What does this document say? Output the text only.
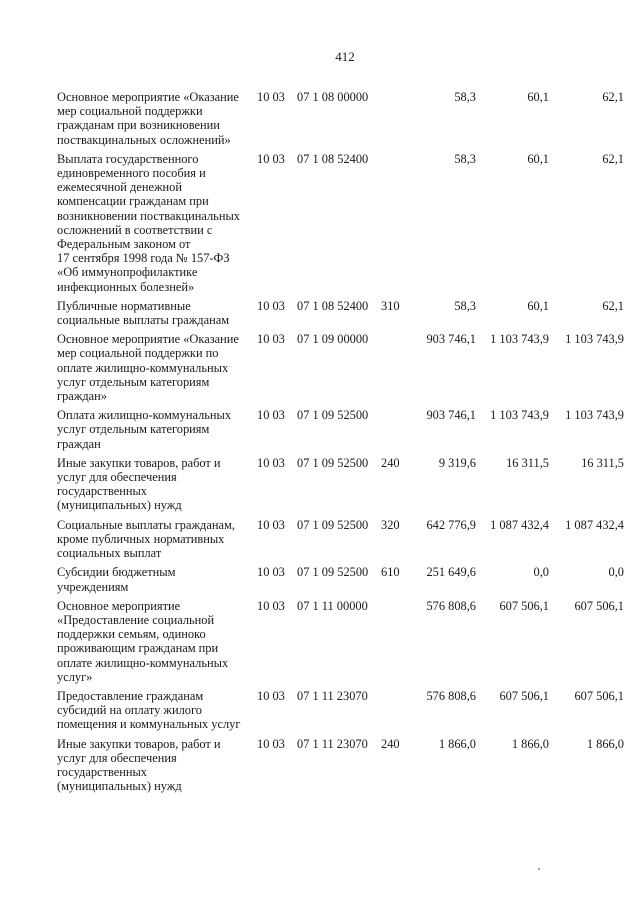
412
Основное мероприятие «Оказание
мер социальной поддержки
гражданам при возникновении
поствакцинальных осложнений»
10 03 07 1 08 00000	58,3	60,1	62,1
Выплата государственного
единовременного пособия и
ежемесячной денежной
компенсации гражданам при
возникновении поствакцинальных
осложнений в соответствии с
Федеральным законом от
17 сентября 1998 года № 157-ФЗ
«Об иммунопрофилактике
инфекционных болезней»
10 03 07 1 08 52400	58,3	60,1	62,1
Публичные нормативные
социальные выплаты гражданам
10 03 07 1 08 52400	310	58,3	60,1	62,1
Основное мероприятие «Оказание
мер социальной поддержки по
оплате жилищно-коммунальных
услуг отдельным категориям
граждан»
10 03 07 1 09 00000	903 746,1	1 103 743,9	1 103 743,9
Оплата жилищно-коммунальных
услуг отдельным категориям
граждан
10 03 07 1 09 52500	903 746,1	1 103 743,9	1 103 743,9
Иные закупки товаров, работ и
услуг для обеспечения
государственных
(муниципальных) нужд
10 03 07 1 09 52500	240	9 319,6	16 311,5	16 311,5
Социальные выплаты гражданам,
кроме публичных нормативных
социальных выплат
10 03 07 1 09 52500	320	642 776,9	1 087 432,4	1 087 432,4
Субсидии бюджетным
учреждениям
10 03 07 1 09 52500	610	251 649,6	0,0	0,0
Основное мероприятие
«Предоставление социальной
поддержки семьям, одиноко
проживающим гражданам при
оплате жилищно-коммунальных
услуг»
10 03 07 1 11 00000	576 808,6	607 506,1	607 506,1
Предоставление гражданам
субсидий на оплату жилого
помещения и коммунальных услуг
10 03 07 1 11 23070	576 808,6	607 506,1	607 506,1
Иные закупки товаров, работ и
услуг для обеспечения
государственных
(муниципальных) нужд
10 03 07 1 11 23070	240	1 866,0	1 866,0	1 866,0
